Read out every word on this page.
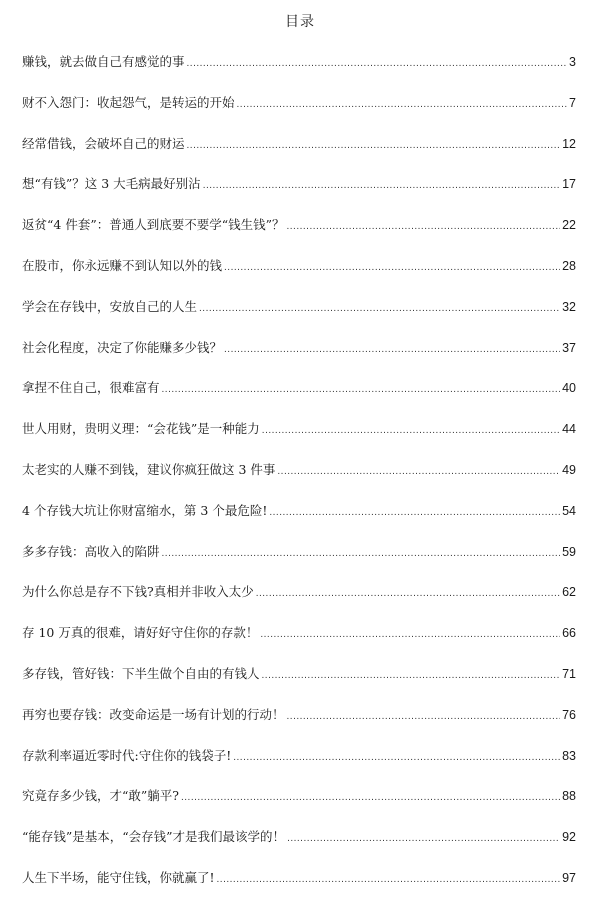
目录
赚钱，就去做自己有感觉的事 .....	3
财不入怨门：收起怨气，是转运的开始 .....	7
经常借钱，会破坏自己的财运 .....	12
想“有钱”？这 3 大毛病最好别沾 .....	17
返贫“4 件套”：普通人到底要不要学“钱生钱”？ .....	22
在股市，你永远赚不到认知以外的钱 .....	28
学会在存钱中，安放自己的人生 .....	32
社会化程度，决定了你能赚多少钱？ .....	37
拿捏不住自己，很难富有 .....	40
世人用财，贵明义理：“会花钱”是一种能力 .....	44
太老实的人赚不到钱，建议你疯狂做这 3 件事 .....	49
4 个存钱大坑让你财富缩水，第 3 个最危险! .....	54
多多存钱：高收入的陷阱 .....	59
为什么你总是存不下钱?真相并非收入太少 .....	62
存 10 万真的很难，请好好守住你的存款！ .....	66
多存钱，管好钱：下半生做个自由的有钱人 .....	71
再穷也要存钱：改变命运是一场有计划的行动！ .....	76
存款利率逼近零时代:守住你的钱袋子! .....	83
究竟存多少钱，才“敢”躺平? .....	88
“能存钱”是基本，“会存钱”才是我们最该学的！ .....	92
人生下半场，能守住钱，你就赢了! .....	97
